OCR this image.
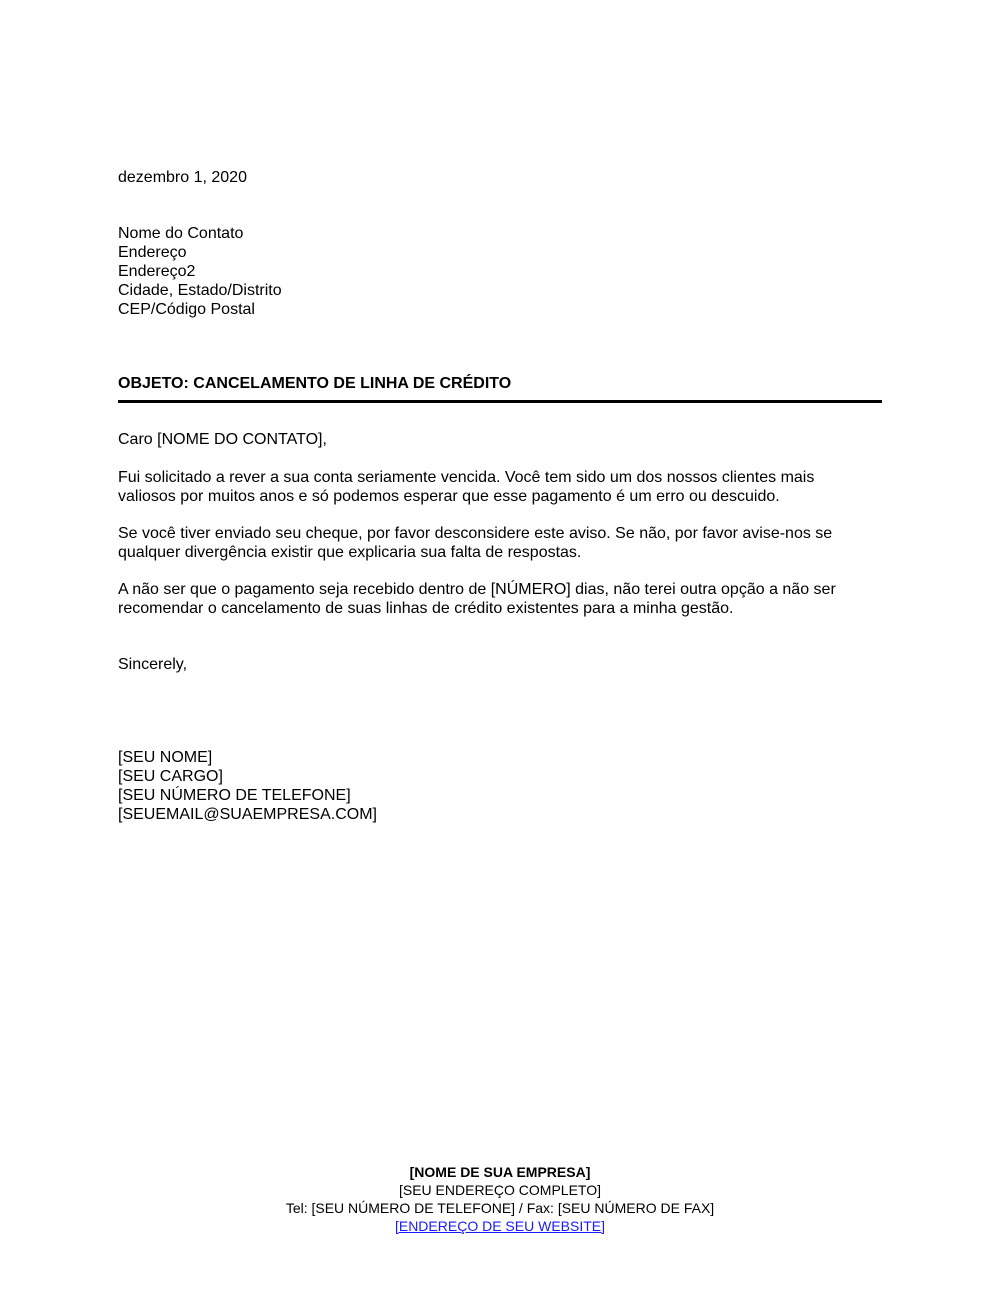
dezembro 1, 2020
Nome do Contato
Endereço
Endereço2
Cidade, Estado/Distrito
CEP/Código Postal
OBJETO: CANCELAMENTO DE LINHA DE CRÉDITO
Caro [NOME DO CONTATO],
Fui solicitado a rever a sua conta seriamente vencida. Você tem sido um dos nossos clientes mais
valiosos por muitos anos e só podemos esperar que esse pagamento é um erro ou descuido.
Se você tiver enviado seu cheque, por favor desconsidere este aviso. Se não, por favor avise-nos se
qualquer divergência existir que explicaria sua falta de respostas.
A não ser que o pagamento seja recebido dentro de [NÚMERO] dias, não terei outra opção a não ser
recomendar o cancelamento de suas linhas de crédito existentes para a minha gestão.
Sincerely,
[SEU NOME]
[SEU CARGO]
[SEU NÚMERO DE TELEFONE]
[SEUEMAIL@SUAEMPRESA.COM]
[NOME DE SUA EMPRESA]
[SEU ENDEREÇO COMPLETO]
Tel: [SEU NÚMERO DE TELEFONE] / Fax: [SEU NÚMERO DE FAX]
[ENDEREÇO DE SEU WEBSITE]
